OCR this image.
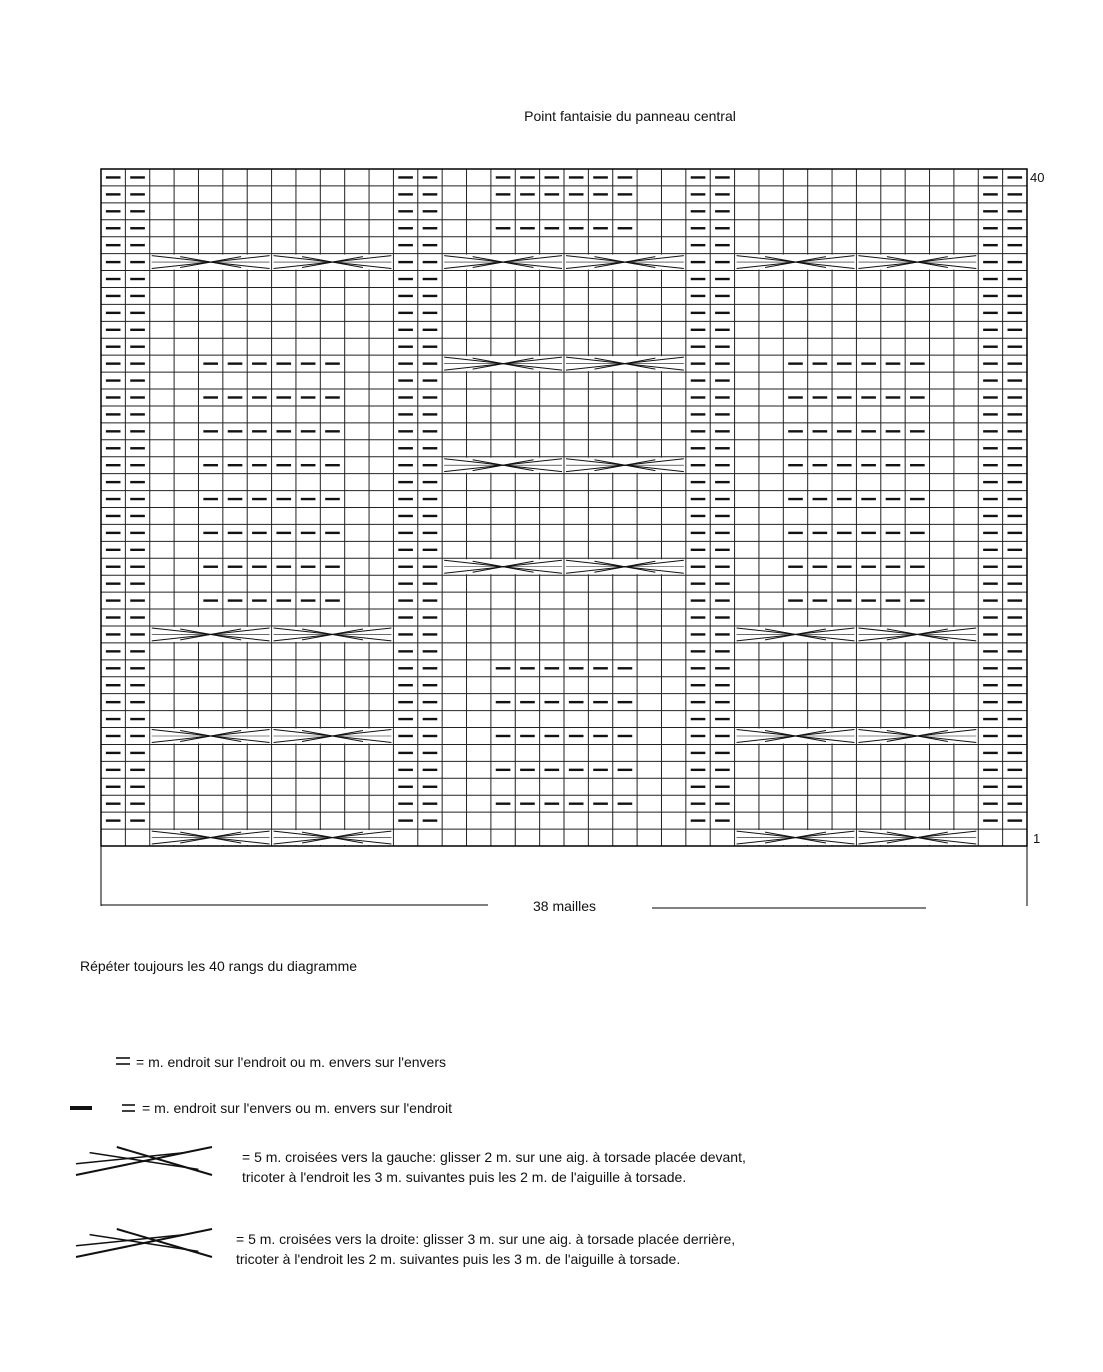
Point fantaisie du panneau central
40
1
38 mailles
Répéter toujours les 40 rangs du diagramme
= m. endroit sur l'endroit ou m. envers sur l'envers
= m. endroit sur l'envers ou m. envers sur l'endroit
= 5 m. croisées vers la gauche: glisser 2 m. sur une aig. à torsade placée devant,
tricoter à l'endroit les 3 m. suivantes puis les 2 m. de l'aiguille à torsade.
= 5 m. croisées vers la droite: glisser 3 m. sur une aig. à torsade placée derrière,
tricoter à l'endroit les 2 m. suivantes puis les 3 m. de l'aiguille à torsade.
